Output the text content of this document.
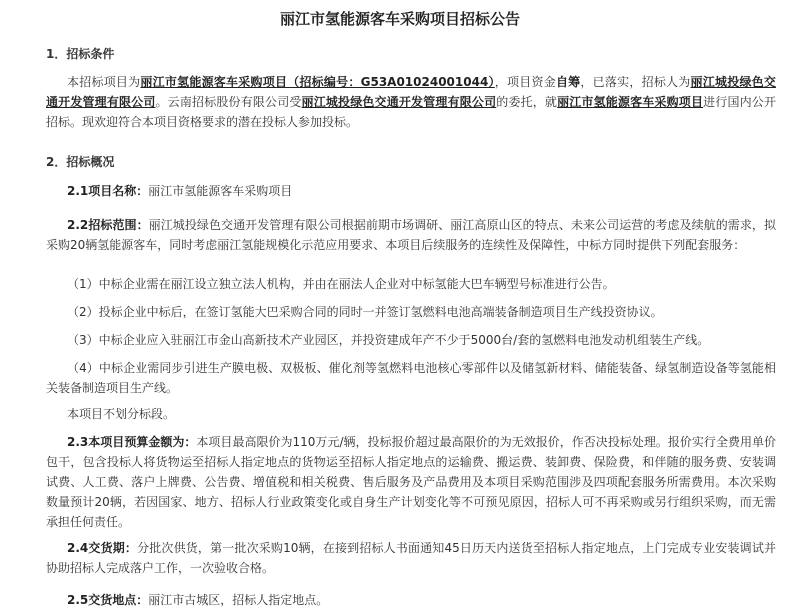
丽江市氢能源客车采购项目招标公告
1．招标条件
本招标项目为丽江市氢能源客车采购项目（招标编号：G53A01024001044），项目资金自筹，已落实，招标人为丽江城投绿色交通开发管理有限公司。云南招标股份有限公司受丽江城投绿色交通开发管理有限公司的委托，就丽江市氢能源客车采购项目进行国内公开招标。现欢迎符合本项目资格要求的潜在投标人参加投标。
2．招标概况
2.1项目名称：丽江市氢能源客车采购项目
2.2招标范围：丽江城投绿色交通开发管理有限公司根据前期市场调研、丽江高原山区的特点、未来公司运营的考虑及续航的需求，拟采购20辆氢能源客车，同时考虑丽江氢能规模化示范应用要求、本项目后续服务的连续性及保障性，中标方同时提供下列配套服务：
（1）中标企业需在丽江设立独立法人机构，并由在丽法人企业对中标氢能大巴车辆型号标准进行公告。
（2）投标企业中标后，在签订氢能大巴采购合同的同时一并签订氢燃料电池高端装备制造项目生产线投资协议。
（3）中标企业应入驻丽江市金山高新技术产业园区，并投资建成年产不少于5000台/套的氢燃料电池发动机组装生产线。
（4）中标企业需同步引进生产膜电极、双极板、催化剂等氢燃料电池核心零部件以及储氢新材料、储能装备、绿氢制造设备等氢能相关装备制造项目生产线。
本项目不划分标段。
2.3本项目预算金额为：本项目最高限价为110万元/辆，投标报价超过最高限价的为无效报价，作否决投标处理。报价实行全费用单价包干，包含投标人将货物运至招标人指定地点的货物运至招标人指定地点的运输费、搬运费、装卸费、保险费，和伴随的服务费、安装调试费、人工费、落户上牌费、公告费、增值税和相关税费、售后服务及产品费用及本项目采购范围涉及四项配套服务所需费用。本次采购数量预计20辆，若因国家、地方、招标人行业政策变化或自身生产计划变化等不可预见原因，招标人可不再采购或另行组织采购，而无需承担任何责任。
2.4交货期：分批次供货，第一批次采购10辆，在接到招标人书面通知45日历天内送货至招标人指定地点，上门完成专业安装调试并协助招标人完成落户工作，一次验收合格。
2.5交货地点：丽江市古城区，招标人指定地点。
